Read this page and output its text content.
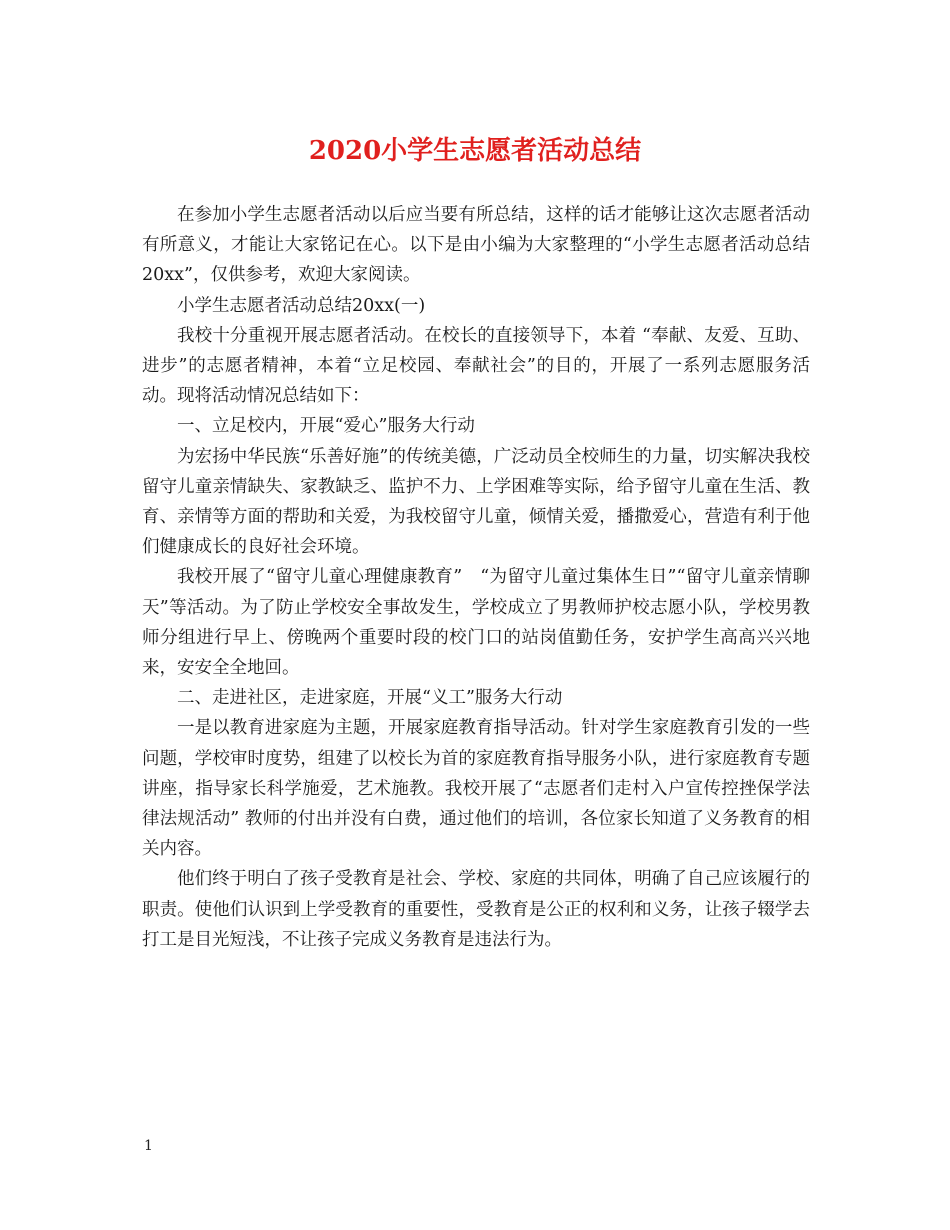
2020小学生志愿者活动总结

在参加小学生志愿者活动以后应当要有所总结，这样的话才能够让这次志愿者活动有所意义，才能让大家铭记在心。以下是由小编为大家整理的“小学生志愿者活动总结20xx”，仅供参考，欢迎大家阅读。

小学生志愿者活动总结20xx(一)

我校十分重视开展志愿者活动。在校长的直接领导下，本着 “奉献、友爱、互助、进步”的志愿者精神，本着“立足校园、奉献社会”的目的，开展了一系列志愿服务活动。现将活动情况总结如下：

一、立足校内，开展“爱心”服务大行动

为宏扬中华民族“乐善好施”的传统美德，广泛动员全校师生的力量，切实解决我校留守儿童亲情缺失、家教缺乏、监护不力、上学困难等实际，给予留守儿童在生活、教育、亲情等方面的帮助和关爱，为我校留守儿童，倾情关爱，播撒爱心，营造有利于他们健康成长的良好社会环境。

我校开展了“留守儿童心理健康教育”　“为留守儿童过集体生日”“留守儿童亲情聊天”等活动。为了防止学校安全事故发生，学校成立了男教师护校志愿小队，学校男教师分组进行早上、傍晚两个重要时段的校门口的站岗值勤任务，安护学生高高兴兴地来，安安全全地回。

二、走进社区，走进家庭，开展“义工”服务大行动

一是以教育进家庭为主题，开展家庭教育指导活动。针对学生家庭教育引发的一些问题，学校审时度势，组建了以校长为首的家庭教育指导服务小队，进行家庭教育专题讲座，指导家长科学施爱，艺术施教。我校开展了“志愿者们走村入户宣传控挫保学法律法规活动” 教师的付出并没有白费，通过他们的培训，各位家长知道了义务教育的相关内容。

他们终于明白了孩子受教育是社会、学校、家庭的共同体，明确了自己应该履行的职责。使他们认识到上学受教育的重要性，受教育是公正的权利和义务，让孩子辍学去打工是目光短浅，不让孩子完成义务教育是违法行为。

1
